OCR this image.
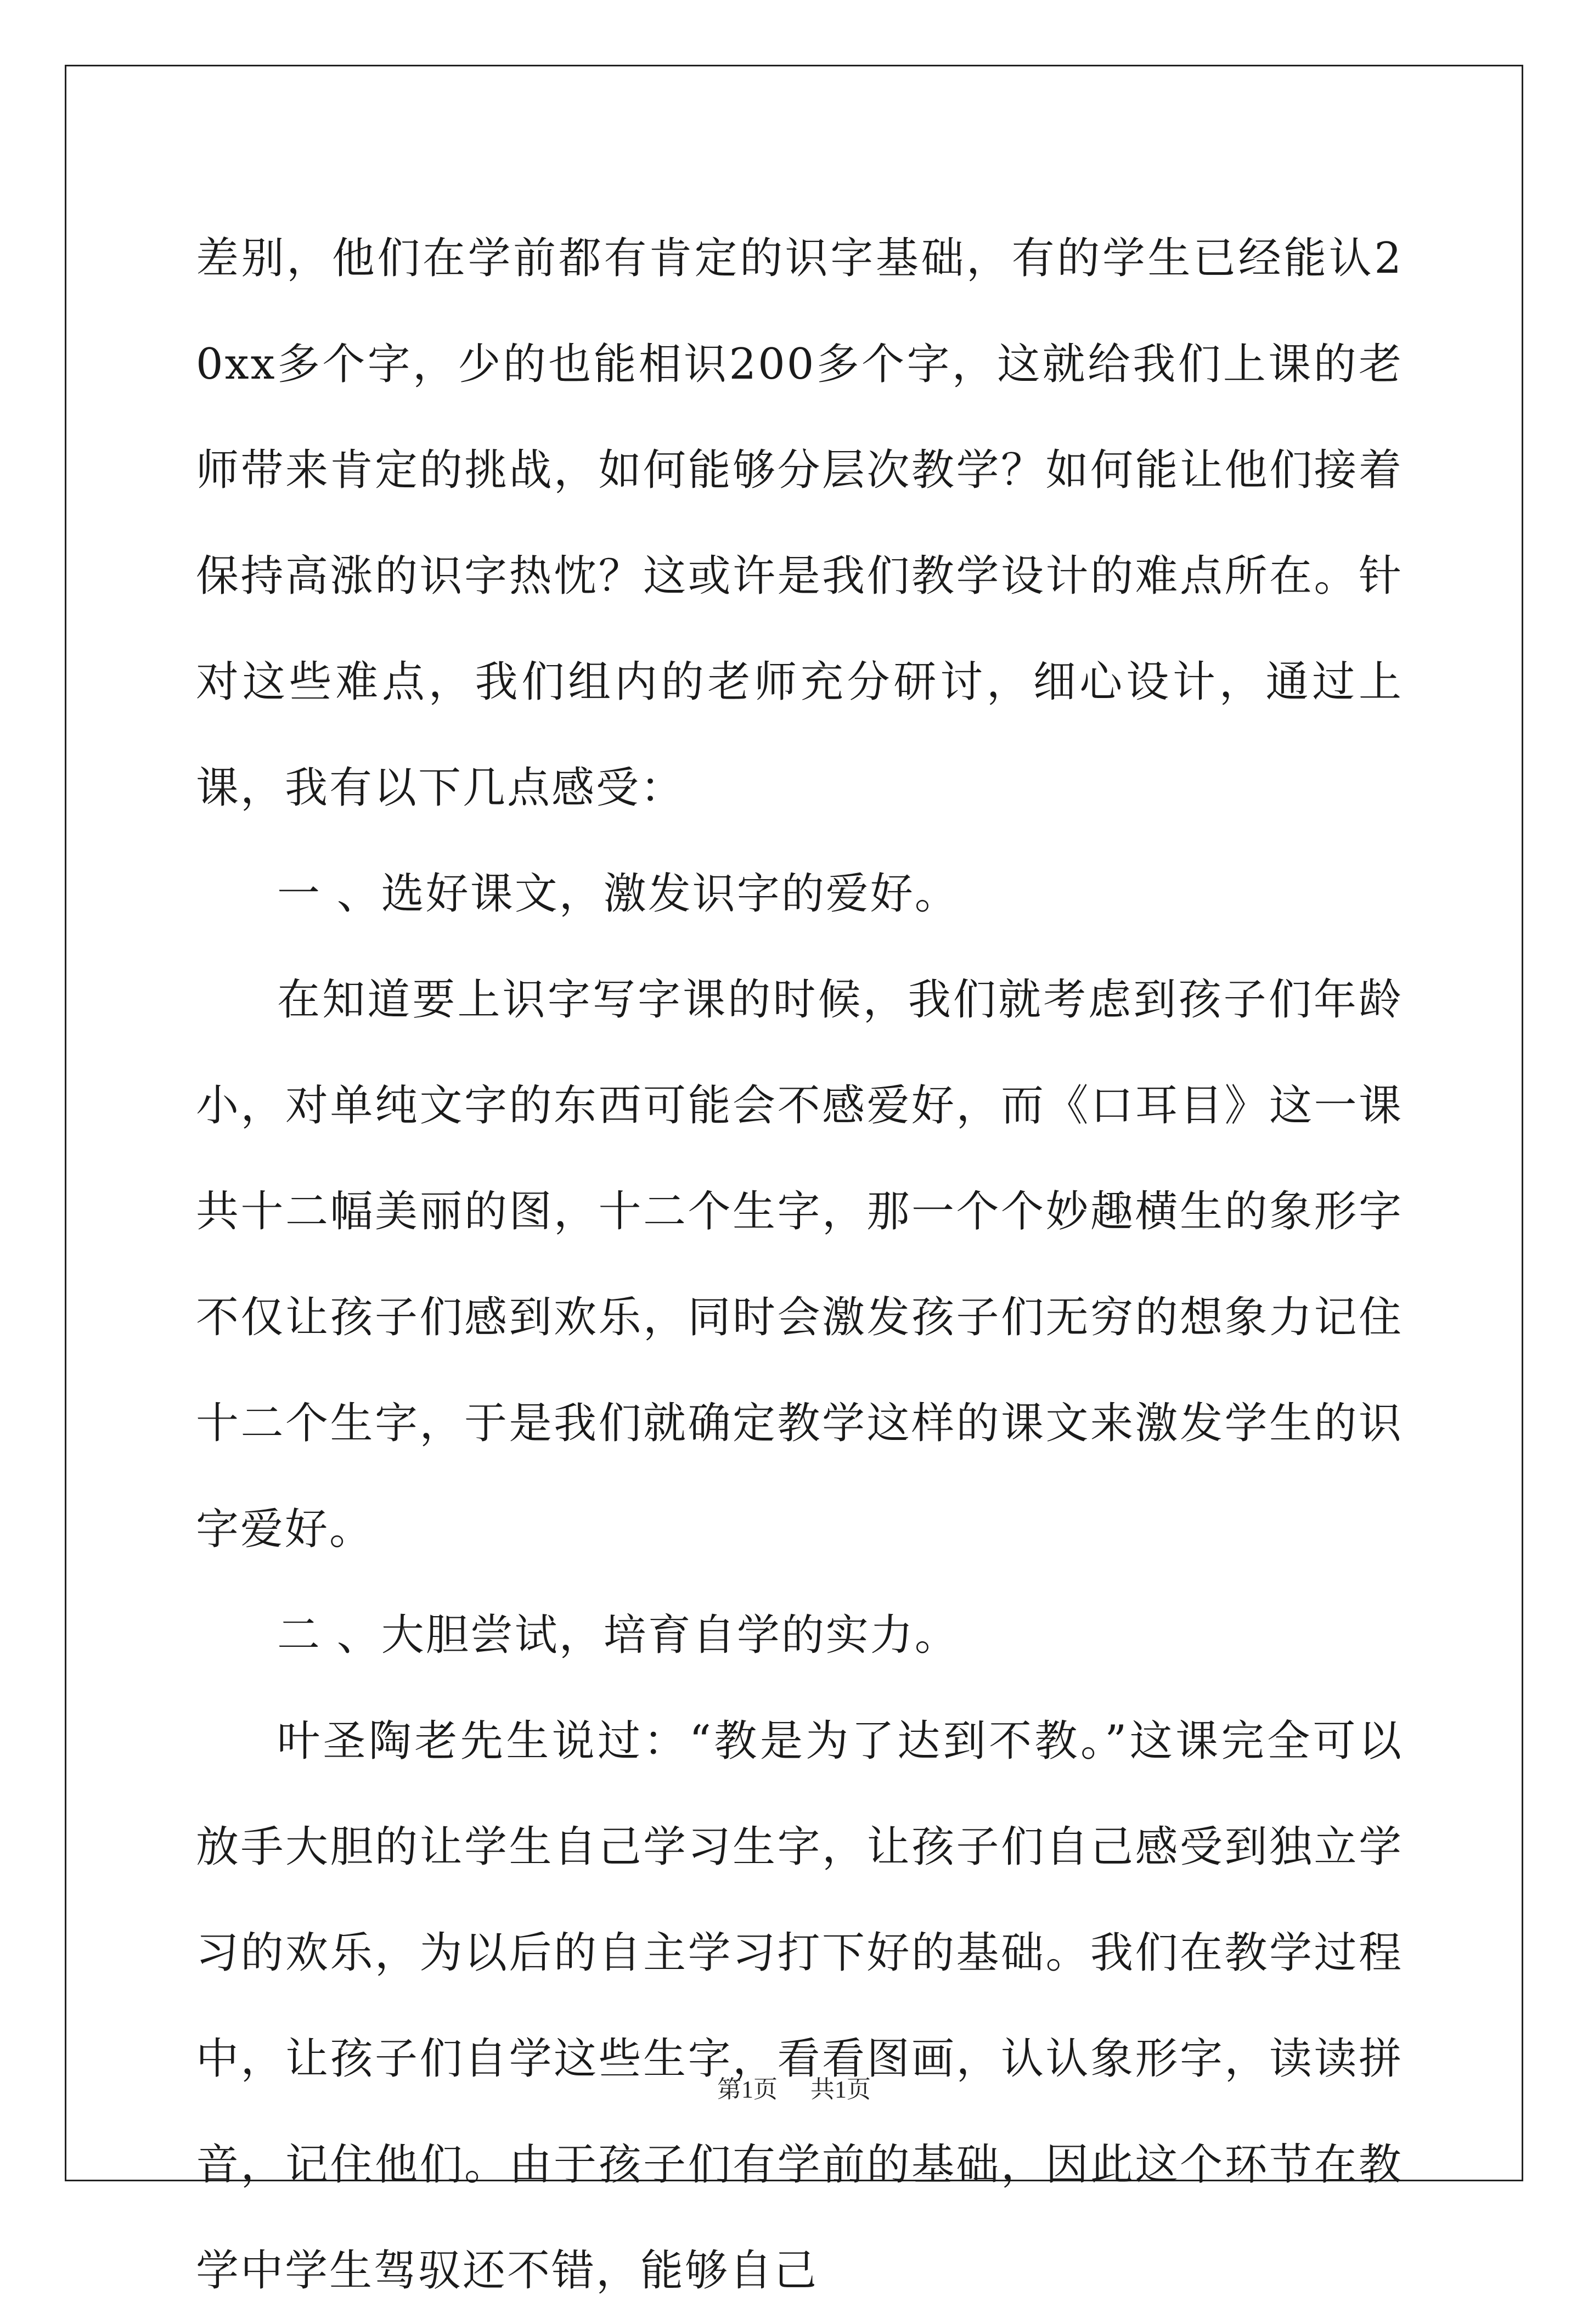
差别，他们在学前都有肯定的识字基础，有的学生已经能认20xx多个字，少的也能相识200多个字，这就给我们上课的老师带来肯定的挑战，如何能够分层次教学？如何能让他们接着保持高涨的识字热忱？这或许是我们教学设计的难点所在。针对这些难点，我们组内的老师充分研讨，细心设计，通过上课，我有以下几点感受：

一 、选好课文，激发识字的爱好。

在知道要上识字写字课的时候，我们就考虑到孩子们年龄小，对单纯文字的东西可能会不感爱好，而《口耳目》这一课共十二幅美丽的图，十二个生字，那一个个妙趣横生的象形字不仅让孩子们感到欢乐，同时会激发孩子们无穷的想象力记住十二个生字，于是我们就确定教学这样的课文来激发学生的识字爱好。

二 、大胆尝试，培育自学的实力。

叶圣陶老先生说过：“教是为了达到不教。”这课完全可以放手大胆的让学生自己学习生字，让孩子们自己感受到独立学习的欢乐，为以后的自主学习打下好的基础。我们在教学过程中，让孩子们自学这些生字，看看图画，认认象形字，读读拼音，记住他们。由于孩子们有学前的基础，因此这个环节在教学中学生驾驭还不错，能够自己

第1页 共1页
